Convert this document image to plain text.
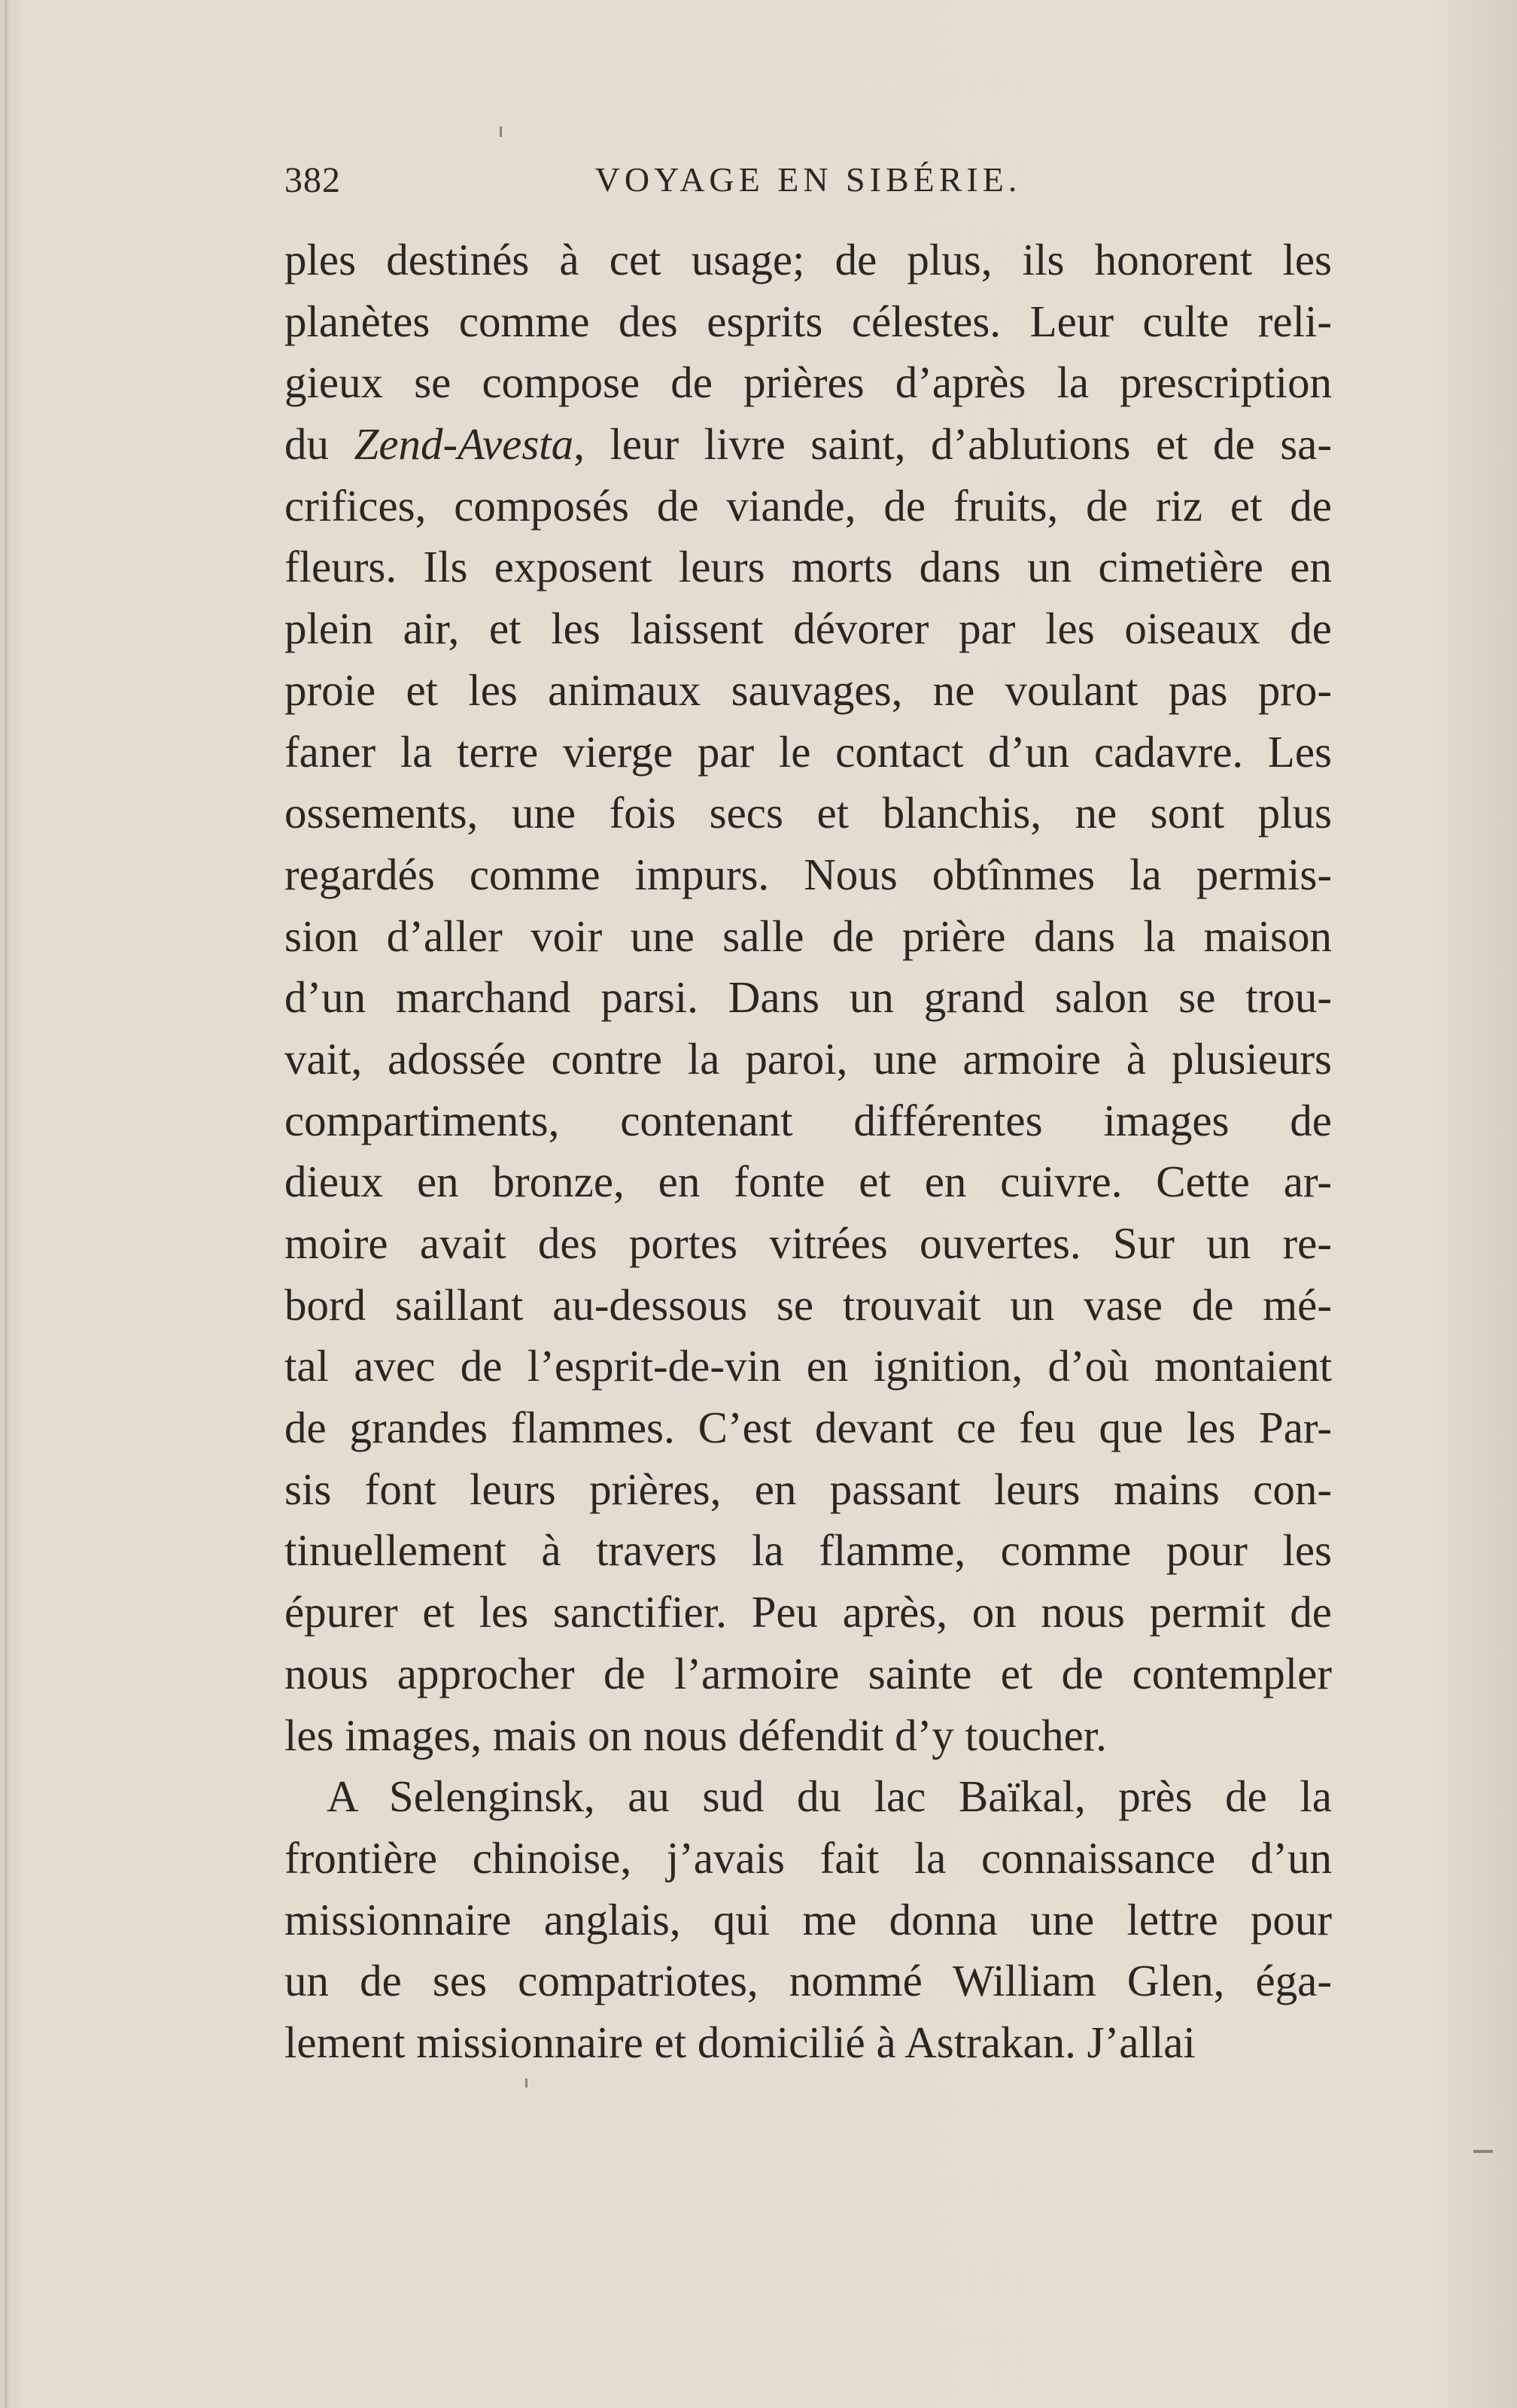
382	VOYAGE EN SIBÉRIE.
ples destinés à cet usage; de plus, ils honorent les
planètes comme des esprits célestes. Leur culte reli-
gieux se compose de prières d’après la prescription
du Zend-Avesta, leur livre saint, d’ablutions et de sa-
crifices, composés de viande, de fruits, de riz et de
fleurs. Ils exposent leurs morts dans un cimetière en
plein air, et les laissent dévorer par les oiseaux de
proie et les animaux sauvages, ne voulant pas pro-
faner la terre vierge par le contact d’un cadavre. Les
ossements, une fois secs et blanchis, ne sont plus
regardés comme impurs. Nous obtînmes la permis-
sion d’aller voir une salle de prière dans la maison
d’un marchand parsi. Dans un grand salon se trou-
vait, adossée contre la paroi, une armoire à plusieurs
compartiments, contenant différentes images de
dieux en bronze, en fonte et en cuivre. Cette ar-
moire avait des portes vitrées ouvertes. Sur un re-
bord saillant au-dessous se trouvait un vase de mé-
tal avec de l’esprit-de-vin en ignition, d’où montaient
de grandes flammes. C’est devant ce feu que les Par-
sis font leurs prières, en passant leurs mains con-
tinuellement à travers la flamme, comme pour les
épurer et les sanctifier. Peu après, on nous permit de
nous approcher de l’armoire sainte et de contempler
les images, mais on nous défendit d’y toucher.
A Selenginsk, au sud du lac Baïkal, près de la
frontière chinoise, j’avais fait la connaissance d’un
missionnaire anglais, qui me donna une lettre pour
un de ses compatriotes, nommé William Glen, éga-
lement missionnaire et domicilié à Astrakan. J’allai
